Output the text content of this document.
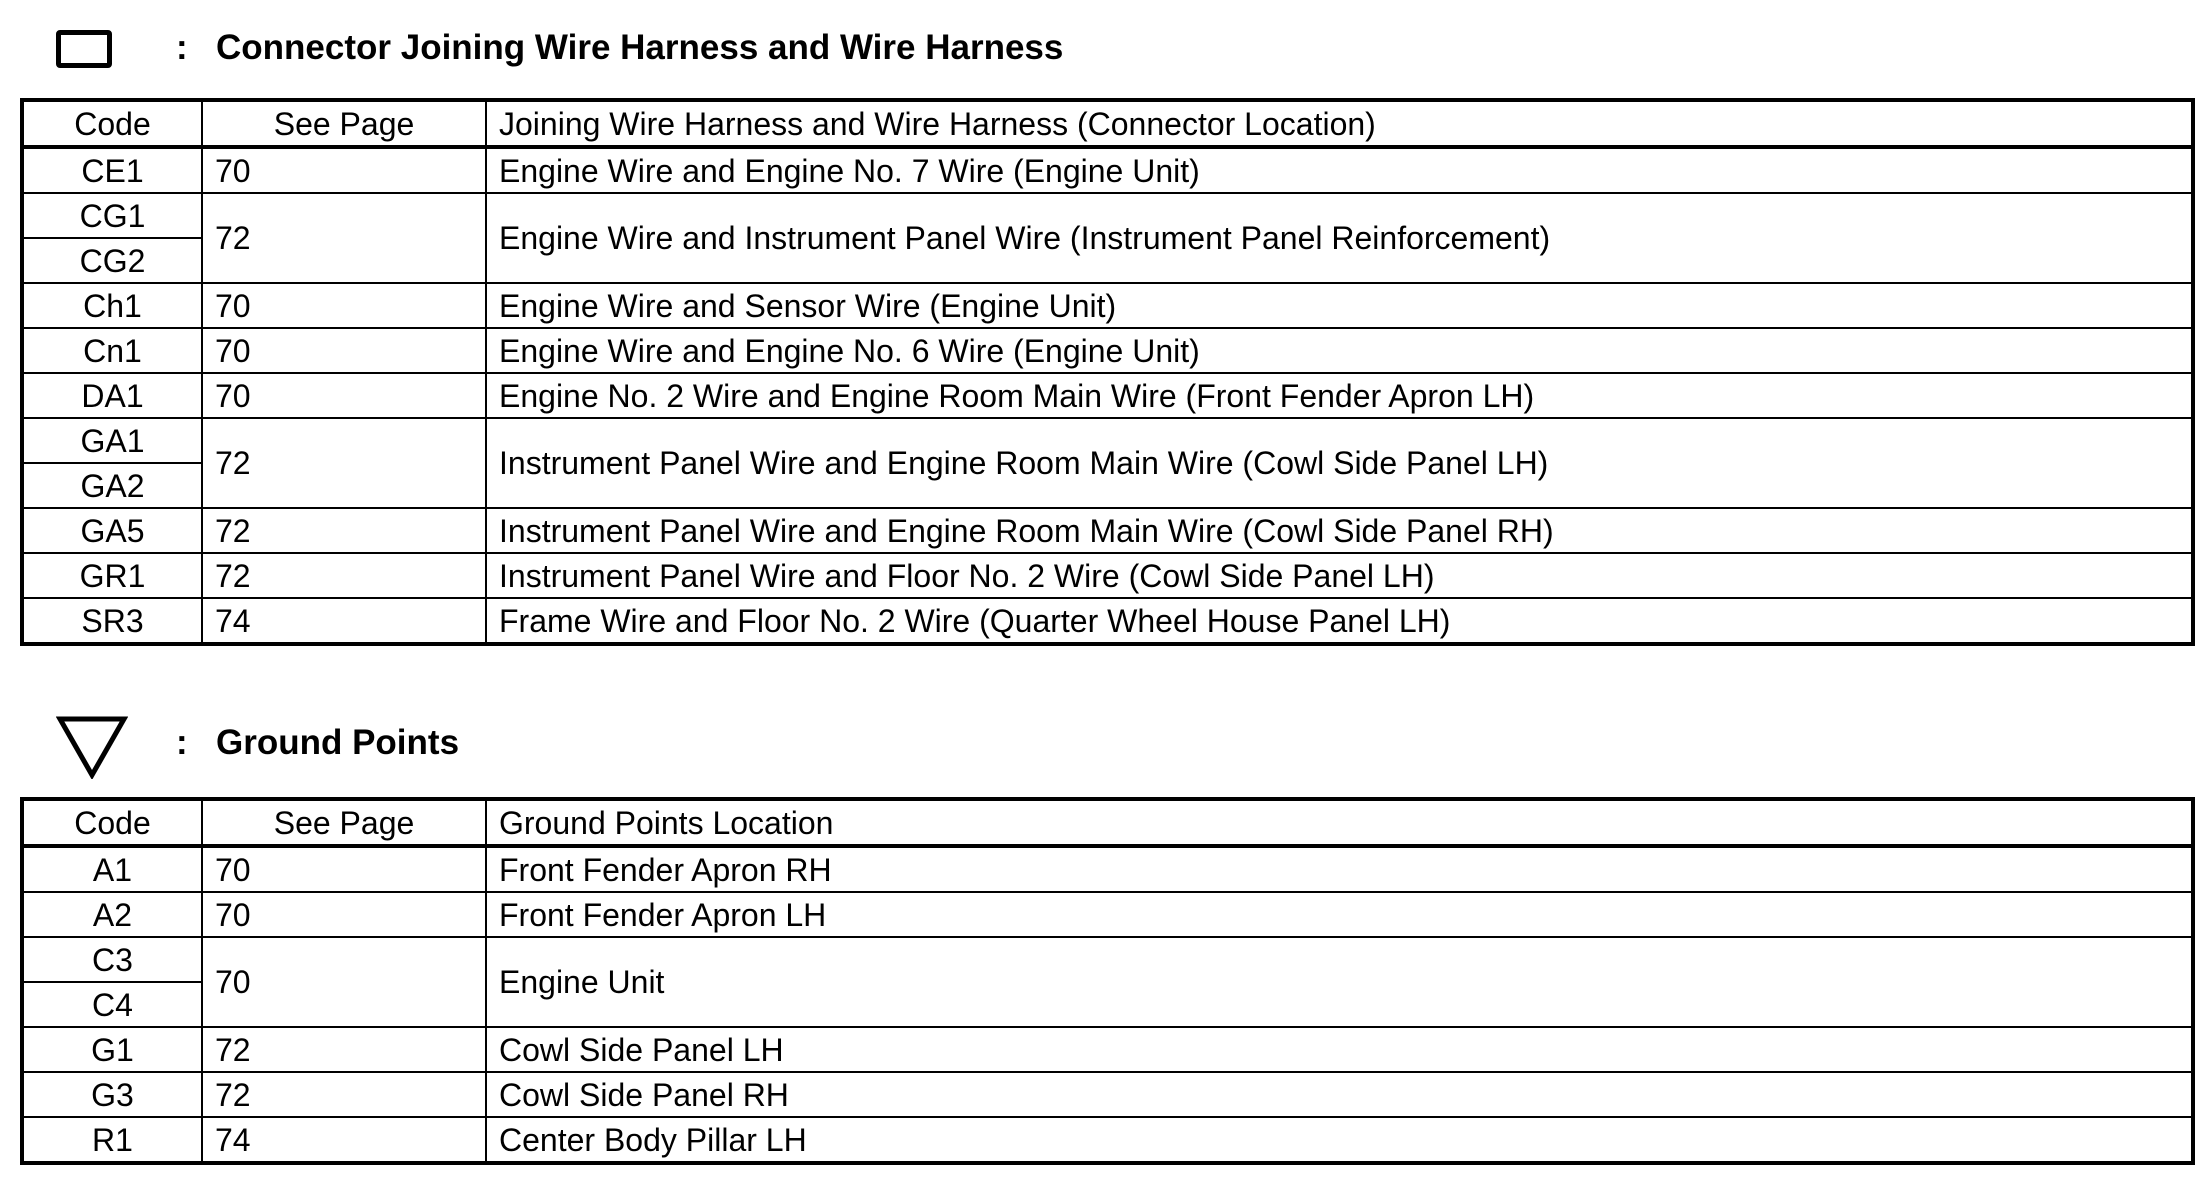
: Connector Joining Wire Harness and Wire Harness
Code	See Page	Joining Wire Harness and Wire Harness (Connector Location)
CE1	70	Engine Wire and Engine No. 7 Wire (Engine Unit)
CG1	72	Engine Wire and Instrument Panel Wire (Instrument Panel Reinforcement)
CG2		
Ch1	70	Engine Wire and Sensor Wire (Engine Unit)
Cn1	70	Engine Wire and Engine No. 6 Wire (Engine Unit)
DA1	70	Engine No. 2 Wire and Engine Room Main Wire (Front Fender Apron LH)
GA1	72	Instrument Panel Wire and Engine Room Main Wire (Cowl Side Panel LH)
GA2		
GA5	72	Instrument Panel Wire and Engine Room Main Wire (Cowl Side Panel RH)
GR1	72	Instrument Panel Wire and Floor No. 2 Wire (Cowl Side Panel LH)
SR3	74	Frame Wire and Floor No. 2 Wire (Quarter Wheel House Panel LH)
: Ground Points
Code	See Page	Ground Points Location
A1	70	Front Fender Apron RH
A2	70	Front Fender Apron LH
C3	70	Engine Unit
C4		
G1	72	Cowl Side Panel LH
G3	72	Cowl Side Panel RH
R1	74	Center Body Pillar LH
